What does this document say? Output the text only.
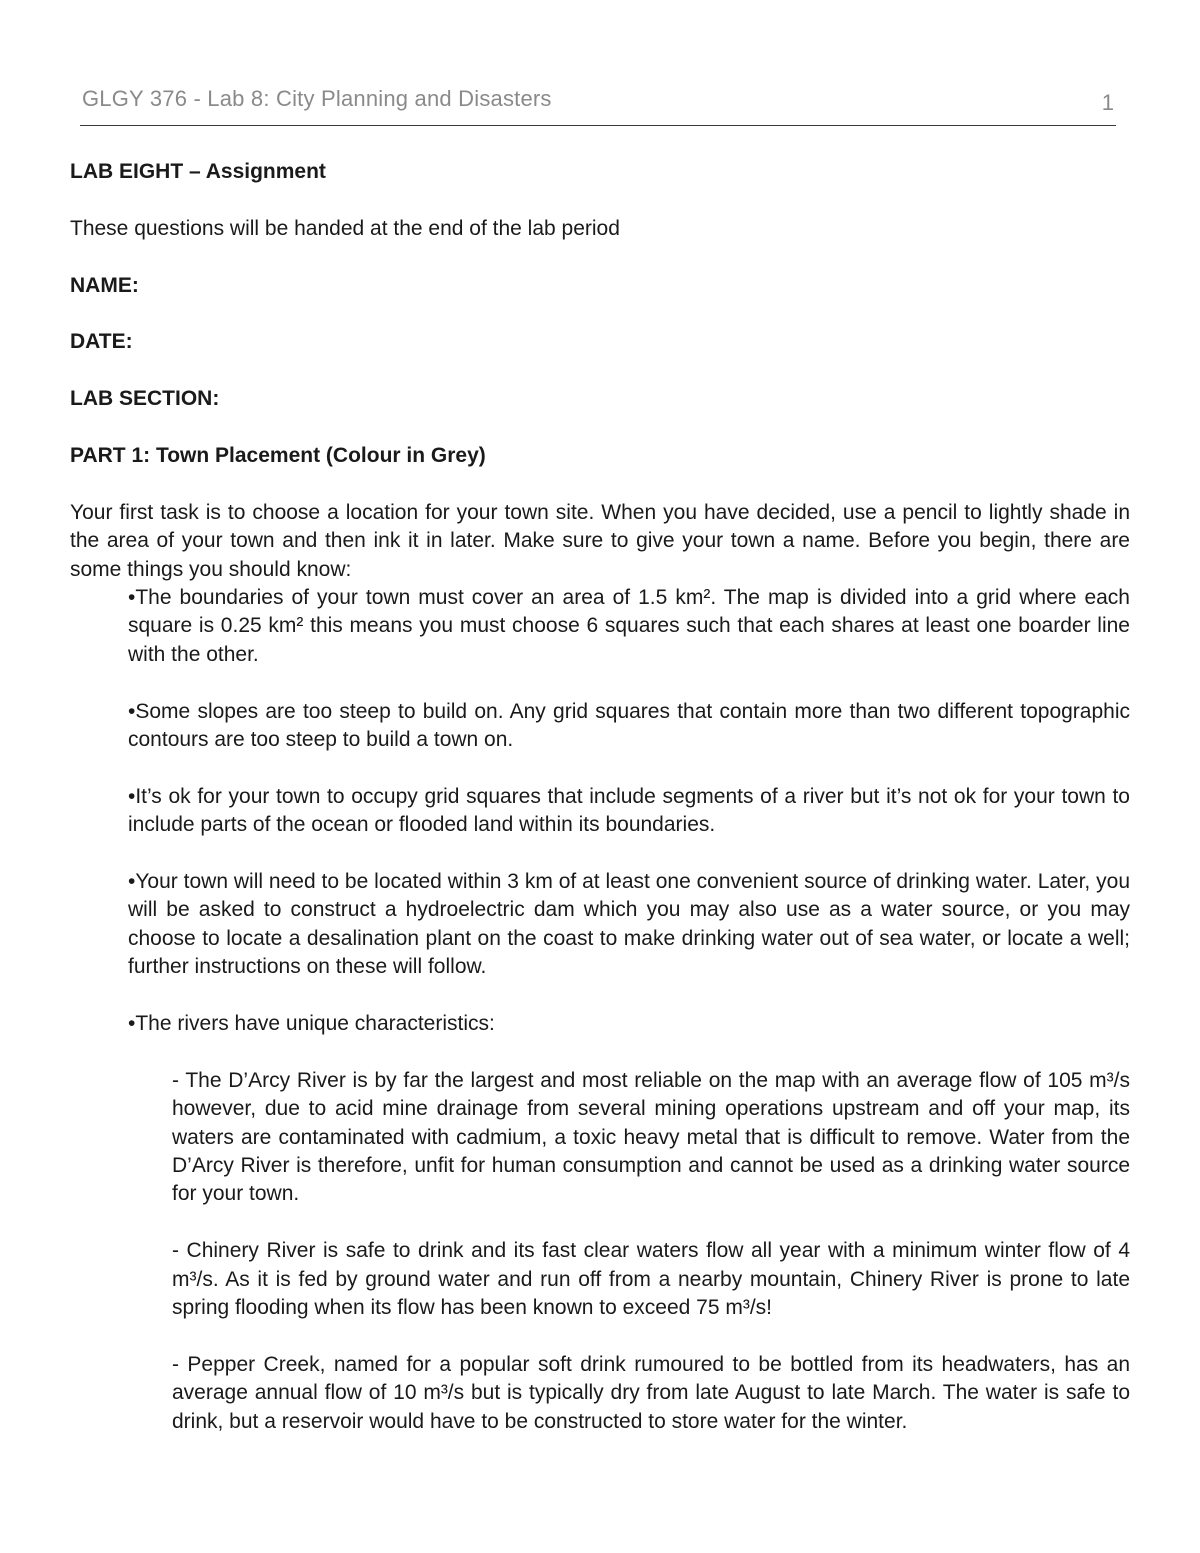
GLGY 376 - Lab 8: City Planning and Disasters	1

LAB EIGHT – Assignment

These questions will be handed at the end of the lab period

NAME:

DATE:

LAB SECTION:

PART 1: Town Placement (Colour in Grey)

Your first task is to choose a location for your town site. When you have decided, use a pencil to lightly shade in the area of your town and then ink it in later. Make sure to give your town a name. Before you begin, there are some things you should know:

•The boundaries of your town must cover an area of 1.5 km². The map is divided into a grid where each square is 0.25 km² this means you must choose 6 squares such that each shares at least one boarder line with the other.

•Some slopes are too steep to build on. Any grid squares that contain more than two different topographic contours are too steep to build a town on.

•It’s ok for your town to occupy grid squares that include segments of a river but it’s not ok for your town to include parts of the ocean or flooded land within its boundaries.

•Your town will need to be located within 3 km of at least one convenient source of drinking water. Later, you will be asked to construct a hydroelectric dam which you may also use as a water source, or you may choose to locate a desalination plant on the coast to make drinking water out of sea water, or locate a well; further instructions on these will follow.

•The rivers have unique characteristics:

- The D’Arcy River is by far the largest and most reliable on the map with an average flow of 105 m³/s however, due to acid mine drainage from several mining operations upstream and off your map, its waters are contaminated with cadmium, a toxic heavy metal that is difficult to remove. Water from the D’Arcy River is therefore, unfit for human consumption and cannot be used as a drinking water source for your town.

- Chinery River is safe to drink and its fast clear waters flow all year with a minimum winter flow of 4 m³/s. As it is fed by ground water and run off from a nearby mountain, Chinery River is prone to late spring flooding when its flow has been known to exceed 75 m³/s!

- Pepper Creek, named for a popular soft drink rumoured to be bottled from its headwaters, has an average annual flow of 10 m³/s but is typically dry from late August to late March. The water is safe to drink, but a reservoir would have to be constructed to store water for the winter.
